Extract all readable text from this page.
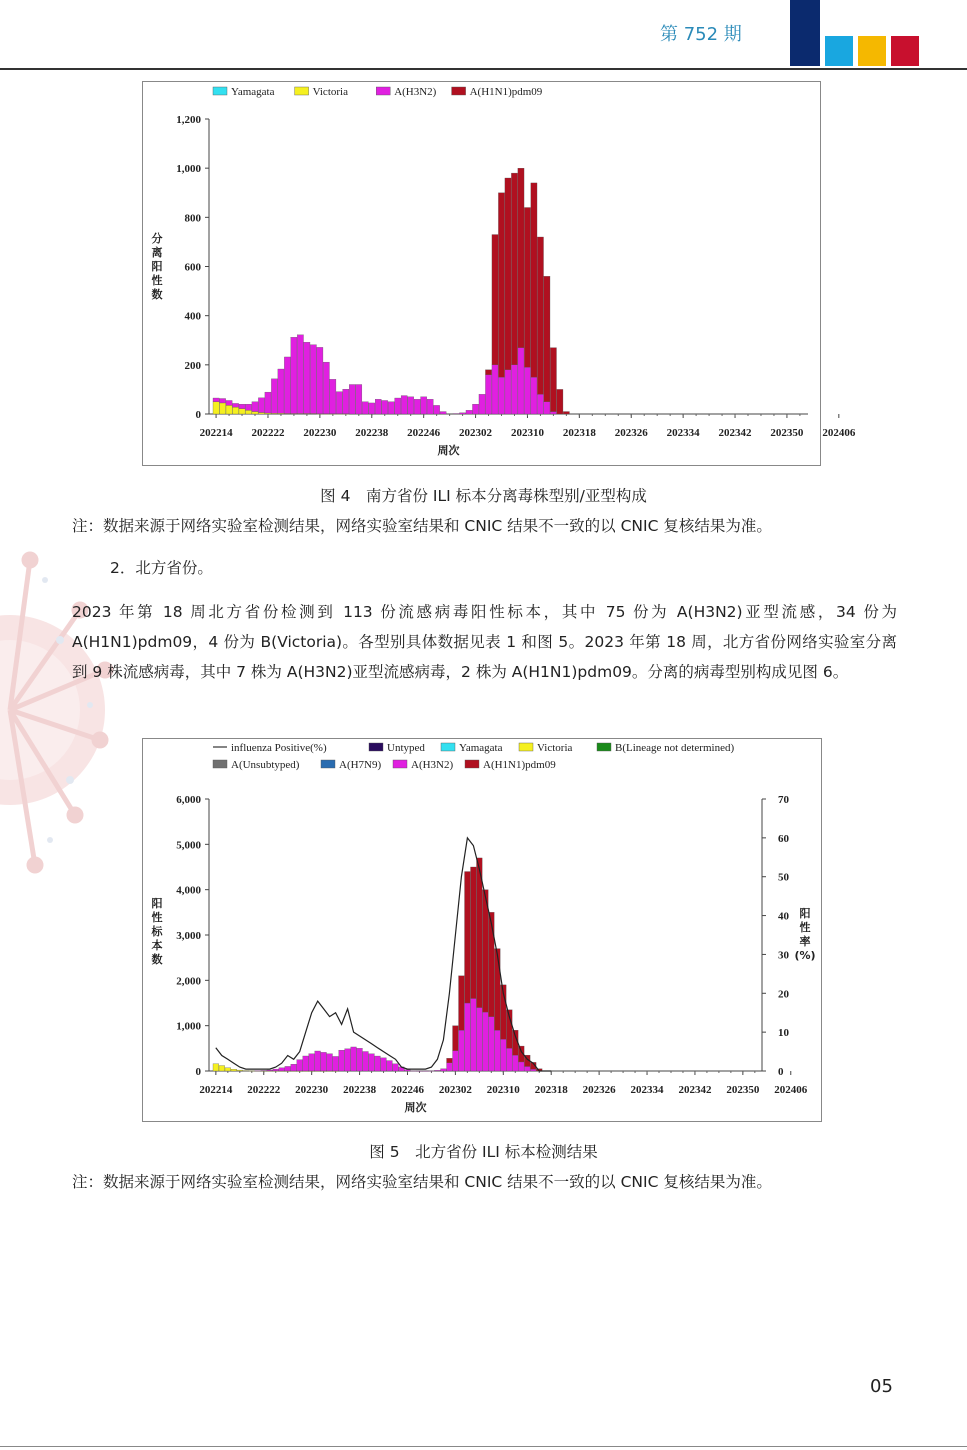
第 752 期
0
200
400
600
800
1,000
1,200
202214 202222 202230 202238 202246 202302 202310 202318 202326 202334 202342 202350 202406
分
离
阳
性
数
周次
Yamagata	Victoria	A(H3N2)	A(H1N1)pdm09
图 4　南方省份 ILI 标本分离毒株型别/亚型构成
注：数据来源于网络实验室检测结果，网络实验室结果和 CNIC 结果不一致的以 CNIC 复核结果为准。
2．北方省份。
2023 年第 18 周北方省份检测到 113 份流感病毒阳性标本，其中 75 份为 A(H3N2)亚型流感，34 份为 A(H1N1)pdm09，4 份为 B(Victoria)。各型别具体数据见表 1 和图 5。2023 年第 18 周，北方省份网络实验室分离到 9 株流感病毒，其中 7 株为 A(H3N2)亚型流感病毒，2 株为 A(H1N1)pdm09。分离的病毒型别构成见图 6。
0
1,000
2,000
3,000
4,000
5,000
6,000
202214 202222 202230 202238 202246 202302 202310 202318 202326 202334 202342 202350 202406
阳
性
标
本
数
周次
0
10
20
30
40
50
60
70
阳
性
率
(%)
influenza Positive(%)	Untyped	Yamagata	Victoria	B(Lineage not determined)
A(Unsubtyped)	A(H7N9)	A(H3N2)	A(H1N1)pdm09
图 5　北方省份 ILI 标本检测结果
注：数据来源于网络实验室检测结果，网络实验室结果和 CNIC 结果不一致的以 CNIC 复核结果为准。
05
